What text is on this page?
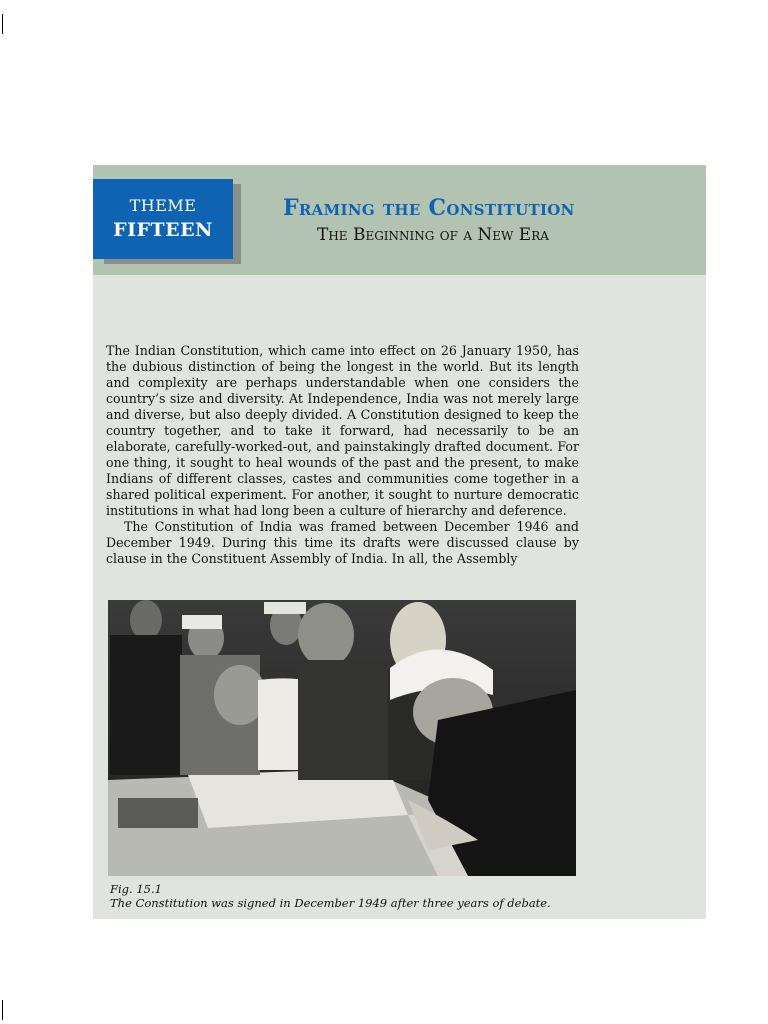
THEME
FIFTEEN
Framing the Constitution
The Beginning of a New Era

The Indian Constitution, which came into effect on 26 January 1950, has the dubious distinction of being the longest in the world. But its length and complexity are perhaps understandable when one considers the country’s size and diversity. At Independence, India was not merely large and diverse, but also deeply divided. A Constitution designed to keep the country together, and to take it forward, had necessarily to be an elaborate, carefully-worked-out, and painstakingly drafted document. For one thing, it sought to heal wounds of the past and the present, to make Indians of different classes, castes and communities come together in a shared political experiment. For another, it sought to nurture democratic institutions in what had long been a culture of hierarchy and deference.

The Constitution of India was framed between December 1946 and December 1949. During this time its drafts were discussed clause by clause in the Constituent Assembly of India. In all, the Assembly

Fig. 15.1
The Constitution was signed in December 1949 after three years of debate.
